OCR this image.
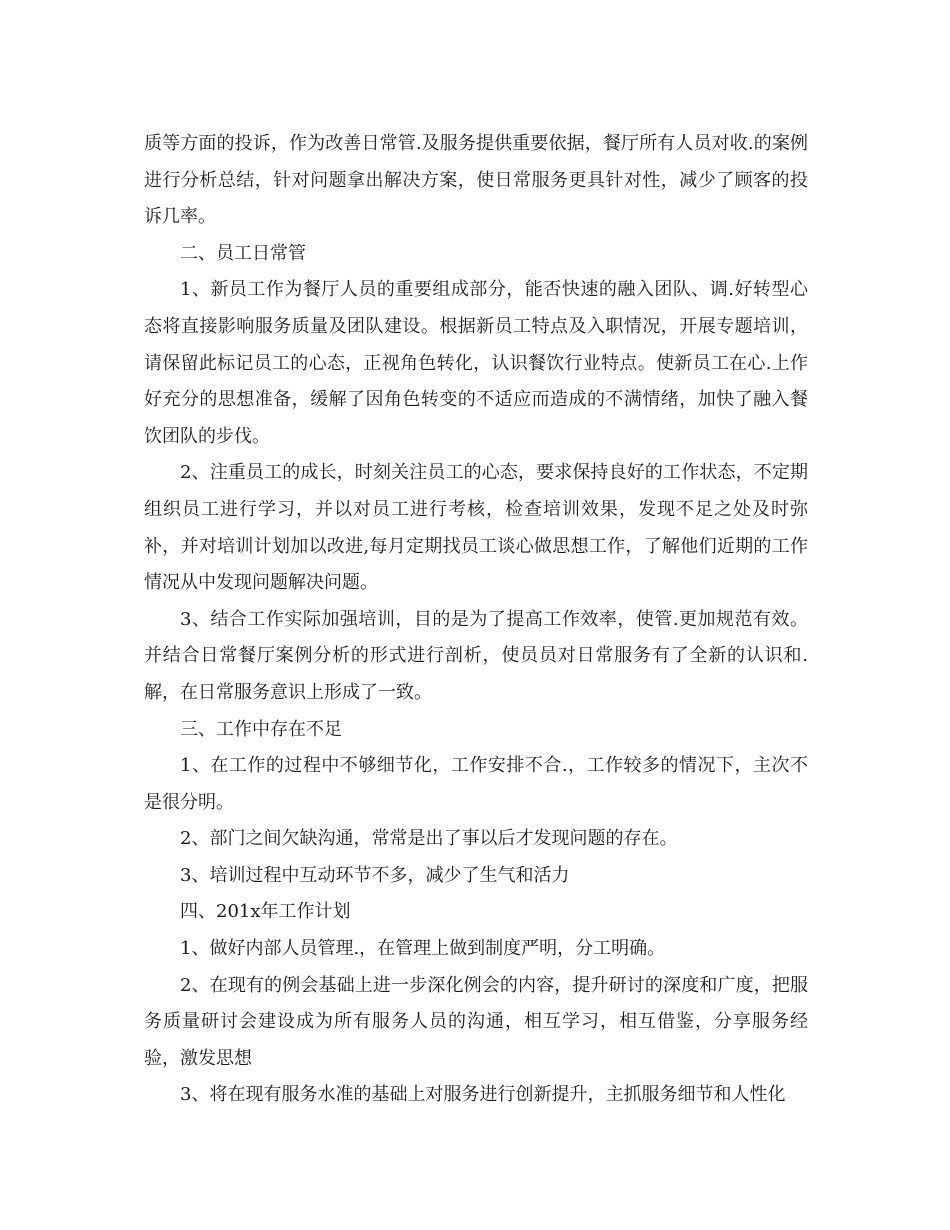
质等方面的投诉，作为改善日常管.及服务提供重要依据，餐厅所有人员对收.的案例进行分析总结，针对问题拿出解决方案，使日常服务更具针对性，减少了顾客的投诉几率。

二、员工日常管

1、新员工作为餐厅人员的重要组成部分，能否快速的融入团队、调.好转型心态将直接影响服务质量及团队建设。根据新员工特点及入职情况，开展专题培训，请保留此标记员工的心态，正视角色转化，认识餐饮行业特点。使新员工在心.上作好充分的思想准备，缓解了因角色转变的不适应而造成的不满情绪，加快了融入餐饮团队的步伐。

2、注重员工的成长，时刻关注员工的心态，要求保持良好的工作状态，不定期组织员工进行学习，并以对员工进行考核，检查培训效果，发现不足之处及时弥补，并对培训计划加以改进,每月定期找员工谈心做思想工作，了解他们近期的工作情况从中发现问题解决问题。

3、结合工作实际加强培训，目的是为了提高工作效率，使管.更加规范有效。并结合日常餐厅案例分析的形式进行剖析，使员员对日常服务有了全新的认识和.解，在日常服务意识上形成了一致。

三、工作中存在不足

1、在工作的过程中不够细节化，工作安排不合.，工作较多的情况下，主次不是很分明。

2、部门之间欠缺沟通，常常是出了事以后才发现问题的存在。

3、培训过程中互动环节不多，减少了生气和活力

四、201x年工作计划

1、做好内部人员管理.，在管理上做到制度严明，分工明确。

2、在现有的例会基础上进一步深化例会的内容，提升研讨的深度和广度，把服务质量研讨会建设成为所有服务人员的沟通，相互学习，相互借鉴，分享服务经验，激发思想

3、将在现有服务水准的基础上对服务进行创新提升，主抓服务细节和人性化
